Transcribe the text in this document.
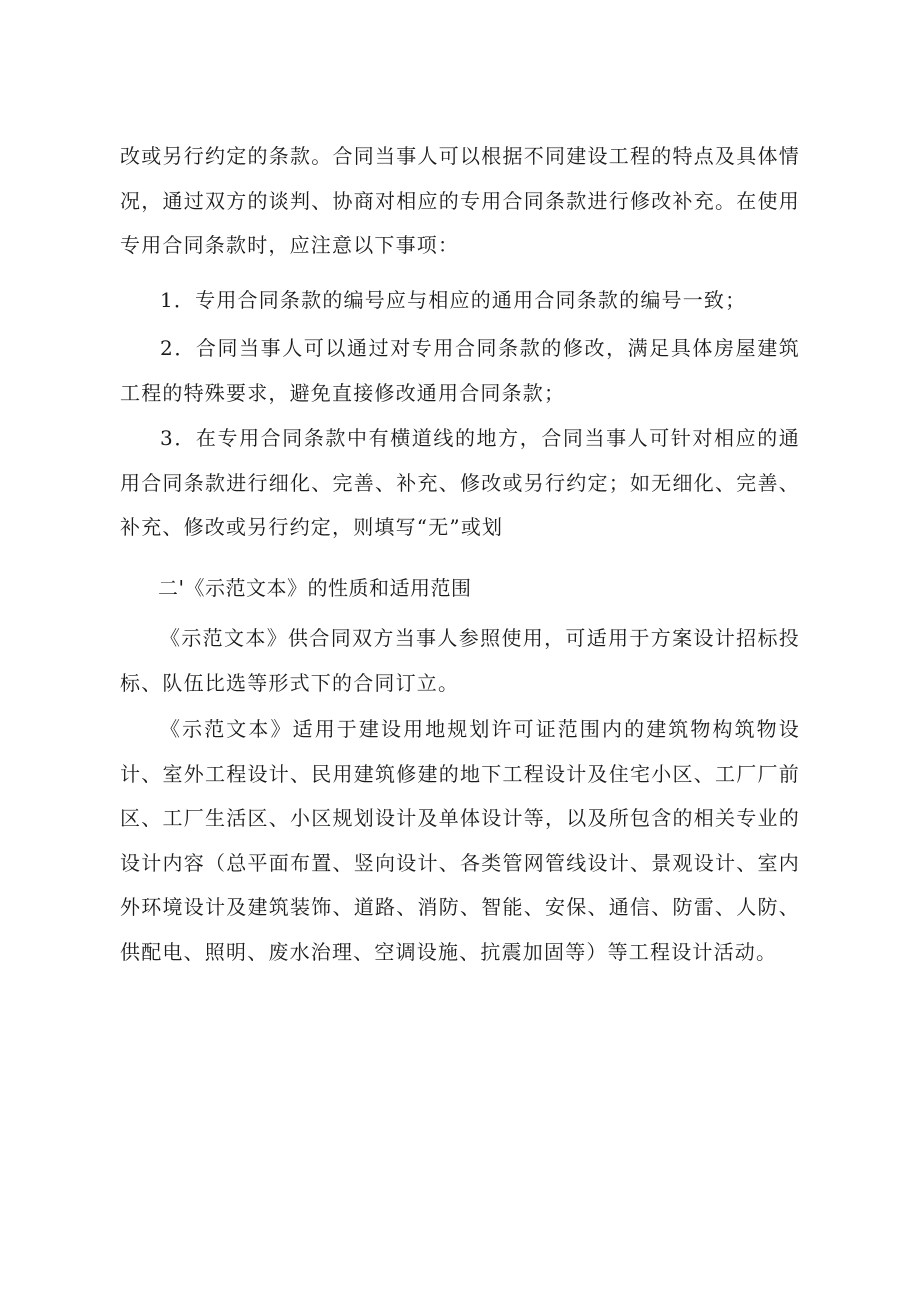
改或另行约定的条款。合同当事人可以根据不同建设工程的特点及具体情况，通过双方的谈判、协商对相应的专用合同条款进行修改补充。在使用专用合同条款时，应注意以下事项：

1．专用合同条款的编号应与相应的通用合同条款的编号一致；

2．合同当事人可以通过对专用合同条款的修改，满足具体房屋建筑工程的特殊要求，避免直接修改通用合同条款；

3．在专用合同条款中有横道线的地方，合同当事人可针对相应的通用合同条款进行细化、完善、补充、修改或另行约定；如无细化、完善、补充、修改或另行约定，则填写“无”或划

二'《示范文本》的性质和适用范围

《示范文本》供合同双方当事人参照使用，可适用于方案设计招标投标、队伍比选等形式下的合同订立。

《示范文本》适用于建设用地规划许可证范围内的建筑物构筑物设计、室外工程设计、民用建筑修建的地下工程设计及住宅小区、工厂厂前区、工厂生活区、小区规划设计及单体设计等，以及所包含的相关专业的设计内容（总平面布置、竖向设计、各类管网管线设计、景观设计、室内外环境设计及建筑装饰、道路、消防、智能、安保、通信、防雷、人防、供配电、照明、废水治理、空调设施、抗震加固等）等工程设计活动。
